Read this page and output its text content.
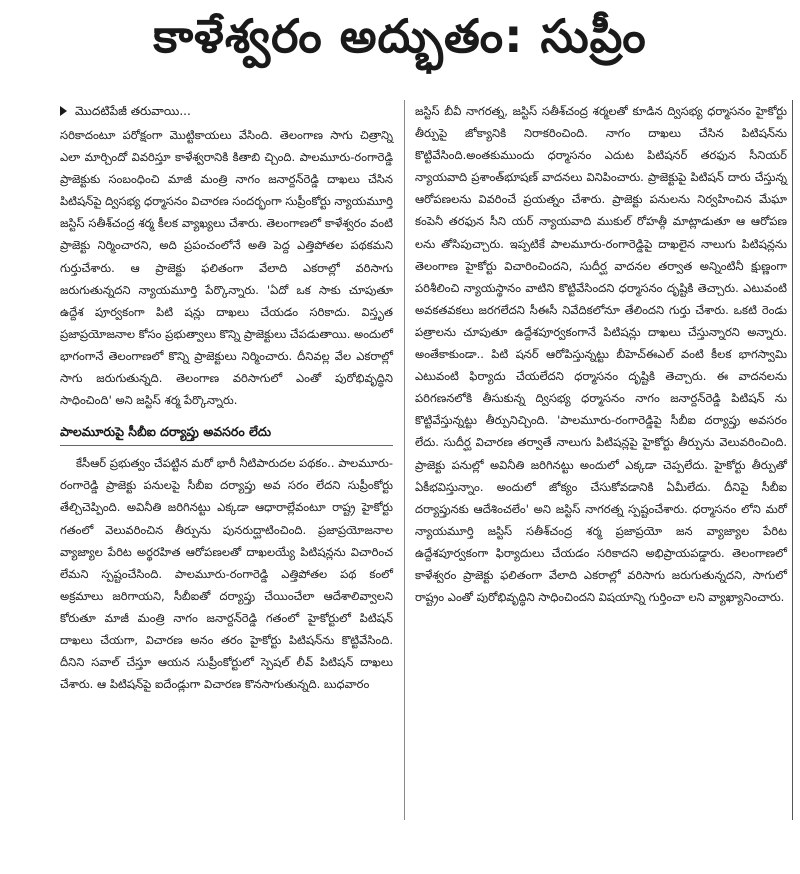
కాళేశ్వరం అద్భుతం: సుప్రీం
మొదటిపేజీ తరువాయి...

సరికాదంటూ పరోక్షంగా మొట్టికాయలు వేసింది. తెలంగాణ సాగు చిత్రాన్ని ఎలా మార్చిందో వివరిస్తూ కాళేశ్వరానికి కితాబి చ్చింది. పాలమూరు-రంగారెడ్డి ప్రాజెక్టుకు సంబంధించి మాజీ మంత్రి నాగం జనార్దన్‌రెడ్డి దాఖలు చేసిన పిటిషన్‌పై ద్విసభ్య ధర్మాసనం విచారణ సందర్భంగా సుప్రీంకోర్టు న్యాయమూర్తి జస్టిస్ సతీశ్‌చంద్ర శర్మ కీలక వ్యాఖ్యలు చేశారు. తెలంగాణలో కాళేశ్వరం వంటి ప్రాజెక్టు నిర్మించారని, అది ప్రపంచంలోనే అతి పెద్ద ఎత్తిపోతల పథకమని గుర్తుచేశారు. ఆ ప్రాజెక్టు ఫలితంగా వేలాది ఎకరాల్లో వరిసాగు జరుగుతున్నదని న్యాయమూర్తి పేర్కొన్నారు. 'ఏదో ఒక సాకు చూపుతూ ఉద్దేశ పూర్వకంగా పిటి షన్లు దాఖలు చేయడం సరికాదు. విస్తృత ప్రజాప్రయోజనాల కోసం ప్రభుత్వాలు కొన్ని ప్రాజెక్టులు చేపడుతాయి. అందులో భాగంగానే తెలంగాణలో కొన్ని ప్రాజెక్టులు నిర్మించారు. దీనివల్ల వేల ఎకరాల్లో సాగు జరుగుతున్నది. తెలంగాణ వరిసాగులో ఎంతో పురోభివృద్ధిని సాధించింది' అని జస్టిస్ శర్మ పేర్కొన్నారు.

పాలమూరుపై సీబీఐ దర్యాప్తు అవసరం లేదు

కేసీఆర్ ప్రభుత్వం చేపట్టిన మరో భారీ నీటిపారుదల పథకం.. పాలమూరు-రంగారెడ్డి ప్రాజెక్టు పనులపై సీబీఐ దర్యాప్తు అవ సరం లేదని సుప్రీంకోర్టు తేల్చిచెప్పింది. అవినీతి జరిగినట్టు ఎక్కడా ఆధారాల్లేవంటూ రాష్ట్ర హైకోర్టు గతంలో వెలువరించిన తీర్పును పునరుద్ఘాటించింది. ప్రజాప్రయోజనాల వ్యాజ్యాల పేరిట అర్థరహిత ఆరోపణలతో దాఖలయ్యే పిటిషన్లను విచారించ లేమని స్పష్టంచేసింది. పాలమూరు-రంగారెడ్డి ఎత్తిపోతల పథ కంలో అక్రమాలు జరిగాయని, సీబీఐతో దర్యాప్తు చేయించేలా ఆదేశాలివ్వాలని కోరుతూ మాజీ మంత్రి నాగం జనార్దన్‌రెడ్డి గతంలో హైకోర్టులో పిటిషన్ దాఖలు చేయగా, విచారణ అనం తరం హైకోర్టు పిటిషన్‌ను కొట్టివేసింది. దీనిని సవాల్ చేస్తూ ఆయన సుప్రీంకోర్టులో స్పెషల్ లీవ్ పిటిషన్ దాఖలు చేశారు. ఆ పిటిషన్‌పై ఐదేండ్లుగా విచారణ కొనసాగుతున్నది. బుధవారం

జస్టిస్ బీవీ నాగరత్న, జస్టిస్ సతీశ్‌చంద్ర శర్మలతో కూడిన ద్విసభ్య ధర్మాసనం హైకోర్టు తీర్పుపై జోక్యానికి నిరాకరించింది. నాగం దాఖలు చేసిన పిటిషన్‌ను కొట్టివేసింది.అంతకుముందు ధర్మాసనం ఎదుట పిటిషనర్ తరఫున సీనియర్ న్యాయవాది ప్రశాంత్‌భూషణ్ వాదనలు వినిపించారు. ప్రాజెక్టుపై పిటిషన్ దారు చేస్తున్న ఆరోపణలను వివరించే ప్రయత్నం చేశారు. ప్రాజెక్టు పనులను నిర్వహించిన మేఘా కంపెనీ తరఫున సీని యర్ న్యాయవాది ముకుల్ రోహత్గీ మాట్లాడుతూ ఆ ఆరోపణ లను తోసిపుచ్చారు. ఇప్పటికే పాలమూరు-రంగారెడ్డిపై దాఖలైన నాలుగు పిటిషన్లను తెలంగాణ హైకోర్టు విచారించిందని, సుదీర్ఘ వాదనల తర్వాత అన్నింటినీ క్షుణ్ణంగా పరిశీలించి న్యాయస్థానం వాటిని కొట్టివేసిందని ధర్మాసనం దృష్టికి తెచ్చారు. ఎటువంటి అవకతవకలు జరగలేదని సీఈసీ నివేదికలోనూ తేలిందని గుర్తు చేశారు. ఒకటి రెండు పత్రాలను చూపుతూ ఉద్దేశపూర్వకంగానే పిటిషన్లు దాఖలు చేస్తున్నారని అన్నారు. అంతేకాకుండా.. పిటి షనర్ ఆరోపిస్తున్నట్టు బీహెచ్‌ఈఎల్ వంటి కీలక భాగస్వామి ఎటువంటి ఫిర్యాదు చేయలేదని ధర్మాసనం దృష్టికి తెచ్చారు. ఈ వాదనలను పరిగణనలోకి తీసుకున్న ద్విసభ్య ధర్మాసనం నాగం జనార్దన్‌రెడ్డి పిటిషన్ ‌ను కొట్టివేస్తున్నట్టు తీర్పునిచ్చింది. 'పాలమూరు-రంగారెడ్డిపై సీబీఐ దర్యాప్తు అవసరం లేదు. సుదీర్ఘ విచారణ తర్వాతే నాలుగు పిటిషన్లపై హైకోర్టు తీర్పును వెలువరించింది. ప్రాజెక్టు పనుల్లో అవినీతి జరిగినట్టు అందులో ఎక్కడా చెప్పలేదు. హైకోర్టు తీర్పుతో ఏకీభవిస్తున్నాం. అందులో జోక్యం చేసుకోవడానికి ఏమీలేదు. దీనిపై సీబీఐ దర్యాప్తునకు ఆదేశించలేం' అని జస్టిస్ నాగరత్న స్పష్టంచేశారు. ధర్మాసనం లోని మరో న్యాయమూర్తి జస్టిస్ సతీశ్‌చంద్ర శర్మ ప్రజాప్రయో జన వ్యాజ్యాల పేరిట ఉద్దేశపూర్వకంగా ఫిర్యాదులు చేయడం సరికాదని అభిప్రాయపడ్డారు. తెలంగాణలో కాళేశ్వరం ప్రాజెక్టు ఫలితంగా వేలాది ఎకరాల్లో వరిసాగు జరుగుతున్నదని, సాగులో రాష్ట్రం ఎంతో పురోభివృద్ధిని సాధించిందని విషయాన్ని గుర్తించా లని వ్యాఖ్యానించారు.
